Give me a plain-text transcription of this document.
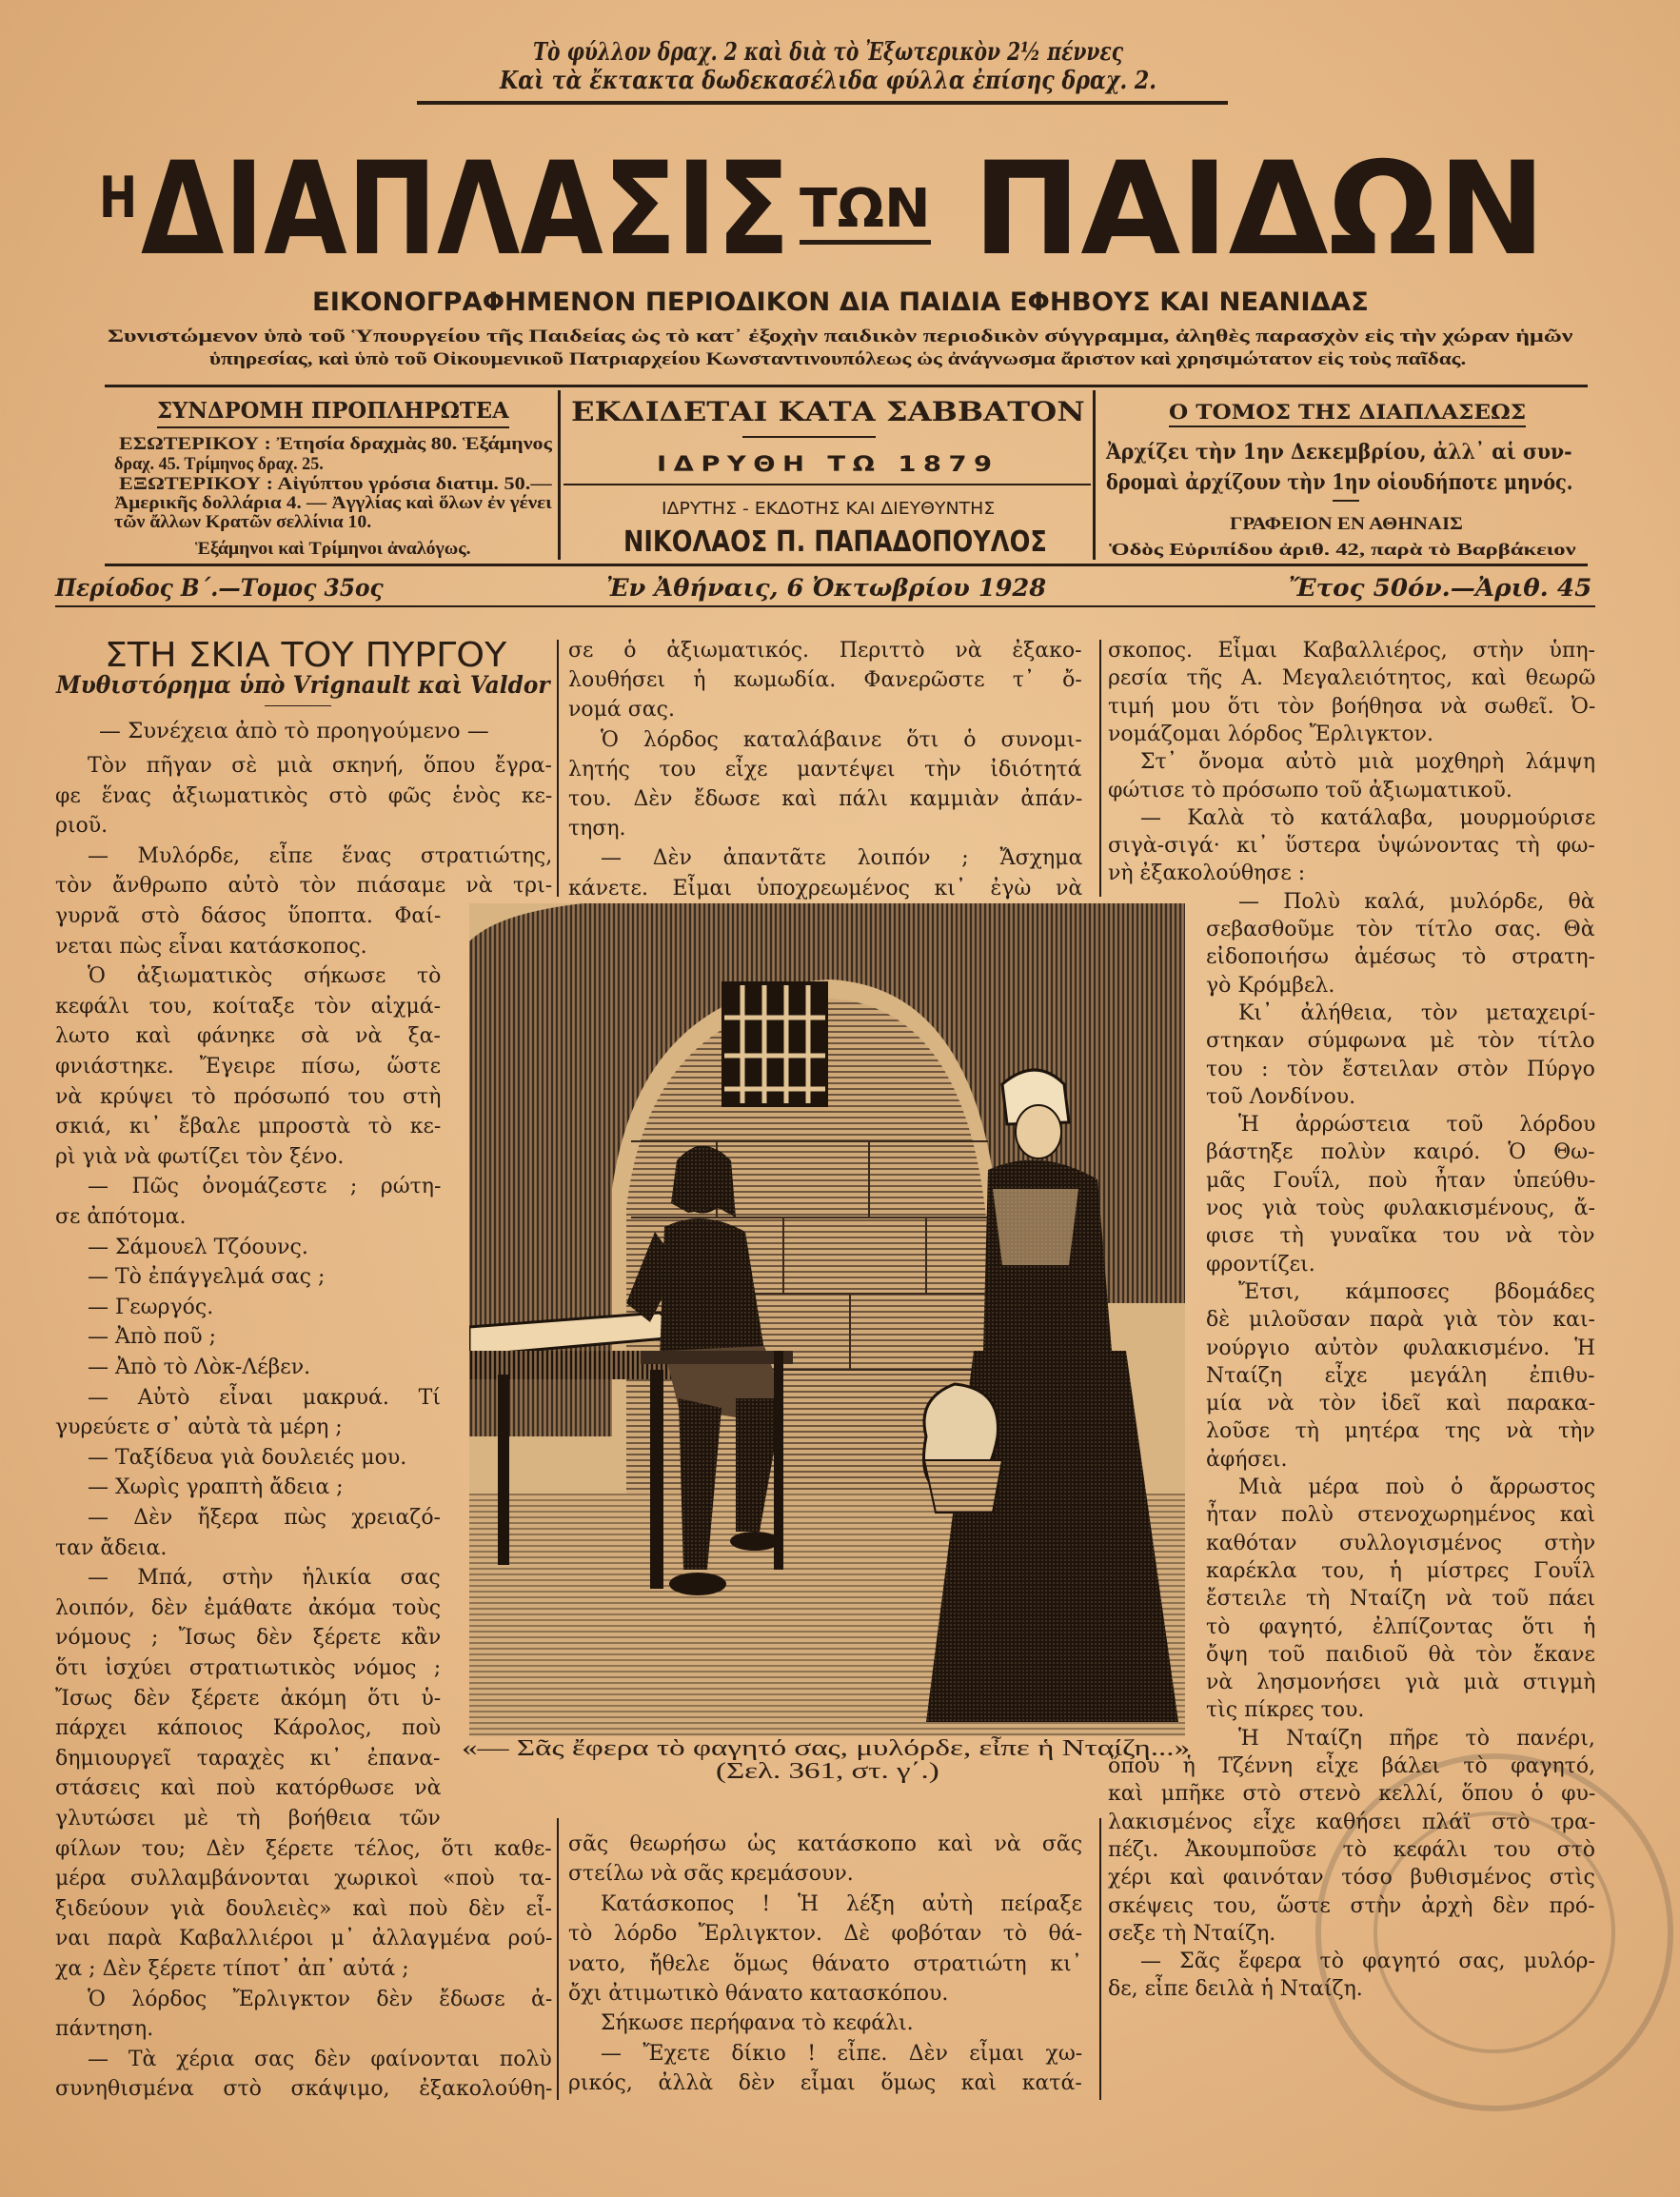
Τὸ φύλλον δραχ. 2 καὶ διὰ τὸ Ἐξωτερικὸν 2½ πέννες
Καὶ τὰ ἔκτακτα δωδεκασέλιδα φύλλα ἐπίσης δραχ. 2.
Η ΔΙΑΠΛΑΣΙΣ ΤΩΝ ΠΑΙΔΩΝ
ΕΙΚΟΝΟΓΡΑΦΗΜΕΝΟΝ ΠΕΡΙΟΔΙΚΟΝ ΔΙΑ ΠΑΙΔΙΑ ΕΦΗΒΟΥΣ ΚΑΙ ΝΕΑΝΙΔΑΣ
Συνιστώμενον ὑπὸ τοῦ Ὑπουργείου τῆς Παιδείας ὡς τὸ κατ᾿ ἐξοχὴν παιδικὸν περιοδικὸν σύγγραμμα, ἀληθὲς παρασχὸν εἰς τὴν χώραν ἡμῶν
ὑπηρεσίας, καὶ ὑπὸ τοῦ Οἰκουμενικοῦ Πατριαρχείου Κωνσταντινουπόλεως ὡς ἀνάγνωσμα ἄριστον καὶ χρησιμώτατον εἰς τοὺς παῖδας.
ΣΥΝΔΡΟΜΗ ΠΡΟΠΛΗΡΩΤΕΑ
ΕΣΩΤΕΡΙΚΟΥ : Ἐτησία δραχμὰς 80. Ἑξάμηνος
δραχ. 45. Τρίμηνος δραχ. 25.
ΕΞΩΤΕΡΙΚΟΥ : Αἰγύπτου γρόσια διατιμ. 50.—
Ἀμερικῆς δολλάρια 4. — Ἀγγλίας καὶ ὅλων ἐν γένει
τῶν ἄλλων Κρατῶν σελλίνια 10.
Ἑξάμηνοι καὶ Τρίμηνοι ἀναλόγως.
ΕΚΔΙΔΕΤΑΙ ΚΑΤΑ ΣΑΒΒΑΤΟΝ
ΙΔΡΥΘΗ ΤΩ 1879
ΙΔΡΥΤΗΣ - ΕΚΔΟΤΗΣ ΚΑΙ ΔΙΕΥΘΥΝΤΗΣ
ΝΙΚΟΛΑΟΣ Π. ΠΑΠΑΔΟΠΟΥΛΟΣ
Ο ΤΟΜΟΣ ΤΗΣ ΔΙΑΠΛΑΣΕΩΣ
Ἀρχίζει τὴν 1ην Δεκεμβρίου, ἀλλ᾿ αἱ συν-
δρομαὶ ἀρχίζουν τὴν 1ην οἱουδήποτε μηνός.
ΓΡΑΦΕΙΟΝ ΕΝ ΑΘΗΝΑΙΣ
Ὁδὸς Εὐριπίδου ἀριθ. 42, παρὰ τὸ Βαρβάκειον
Περίοδος Β΄.—Τομος 35ος	Ἐν Ἀθήναις, 6 Ὀκτωβρίου 1928	Ἔτος 50όν.—Ἀριθ. 45
ΣΤΗ ΣΚΙΑ ΤΟΥ ΠΥΡΓΟΥ
Μυθιστόρημα ὑπὸ Vrignault καὶ Valdor
— Συνέχεια ἀπὸ τὸ προηγούμενο —
Τὸν πῆγαν σὲ μιὰ σκηνή, ὅπου ἔγρα-
φε ἕνας ἀξιωματικὸς στὸ φῶς ἑνὸς κε-
ριοῦ.
— Μυλόρδε, εἶπε ἕνας στρατιώτης,
τὸν ἄνθρωπο αὐτὸ τὸν πιάσαμε νὰ τρι-
γυρνᾶ στὸ δάσος ὕποπτα. Φαί-
νεται πὼς εἶναι κατάσκοπος.
Ὁ ἀξιωματικὸς σήκωσε τὸ
κεφάλι του, κοίταξε τὸν αἰχμά-
λωτο καὶ φάνηκε σὰ νὰ ξα-
φνιάστηκε. Ἔγειρε πίσω, ὥστε
νὰ κρύψει τὸ πρόσωπό του στὴ
σκιά, κι᾿ ἔβαλε μπροστὰ τὸ κε-
ρὶ γιὰ νὰ φωτίζει τὸν ξένο.
— Πῶς ὀνομάζεστε ; ρώτη-
σε ἀπότομα.
— Σάμουελ Τζόουνς.
— Τὸ ἐπάγγελμά σας ;
— Γεωργός.
— Ἀπὸ ποῦ ;
— Ἀπὸ τὸ Λὸκ-Λέβεν.
— Αὐτὸ εἶναι μακρυά. Τί
γυρεύετε σ᾿ αὐτὰ τὰ μέρη ;
— Ταξίδευα γιὰ δουλειές μου.
— Χωρὶς γραπτὴ ἄδεια ;
— Δὲν ἤξερα πὼς χρειαζό-
ταν ἄδεια.
— Μπά, στὴν ἡλικία σας
λοιπόν, δὲν ἐμάθατε ἀκόμα τοὺς
νόμους ; Ἴσως δὲν ξέρετε κἂν
ὅτι ἰσχύει στρατιωτικὸς νόμος ;
Ἴσως δὲν ξέρετε ἀκόμη ὅτι ὑ-
πάρχει κάποιος Κάρολος, ποὺ
δημιουργεῖ ταραχὲς κι᾿ ἐπανα-
στάσεις καὶ ποὺ κατόρθωσε νὰ
γλυτώσει μὲ τὴ βοήθεια τῶν
φίλων του; Δὲν ξέρετε τέλος, ὅτι καθε-
μέρα συλλαμβάνονται χωρικοὶ «ποὺ τα-
ξιδεύουν γιὰ δουλειὲς» καὶ ποὺ δὲν εἶ-
ναι παρὰ Καβαλλιέροι μ᾿ ἀλλαγμένα ρού-
χα ; Δὲν ξέρετε τίποτ᾿ ἀπ᾿ αὐτά ;
Ὁ λόρδος Ἔρλιγκτον δὲν ἔδωσε ἀ-
πάντηση.
— Τὰ χέρια σας δὲν φαίνονται πολὺ
συνηθισμένα στὸ σκάψιμο, ἐξακολούθη-
σε ὁ ἀξιωματικός. Περιττὸ νὰ ἐξακο-
λουθήσει ἡ κωμωδία. Φανερῶστε τ᾿ ὄ-
νομά σας.
Ὁ λόρδος καταλάβαινε ὅτι ὁ συνομι-
λητής του εἶχε μαντέψει τὴν ἰδιότητά
του. Δὲν ἔδωσε καὶ πάλι καμμιὰν ἀπάν-
τηση.
— Δὲν ἀπαντᾶτε λοιπόν ; Ἄσχημα
κάνετε. Εἶμαι ὑποχρεωμένος κι᾿ ἐγὼ νὰ
σᾶς θεωρήσω ὡς κατάσκοπο καὶ νὰ σᾶς
στείλω νὰ σᾶς κρεμάσουν.
Κατάσκοπος ! Ἡ λέξη αὐτὴ πείραξε
τὸ λόρδο Ἔρλιγκτον. Δὲ φοβόταν τὸ θά-
νατο, ἤθελε ὅμως θάνατο στρατιώτη κι᾿
ὄχι ἀτιμωτικὸ θάνατο κατασκόπου.
Σήκωσε περήφανα τὸ κεφάλι.
— Ἔχετε δίκιο ! εἶπε. Δὲν εἶμαι χω-
ρικός, ἀλλὰ δὲν εἶμαι ὅμως καὶ κατά-
σκοπος. Εἶμαι Καβαλλιέρος, στὴν ὑπη-
ρεσία τῆς Α. Μεγαλειότητος, καὶ θεωρῶ
τιμή μου ὅτι τὸν βοήθησα νὰ σωθεῖ. Ὀ-
νομάζομαι λόρδος Ἔρλιγκτον.
Στ᾿ ὄνομα αὐτὸ μιὰ μοχθηρὴ λάμψη
φώτισε τὸ πρόσωπο τοῦ ἀξιωματικοῦ.
— Καλὰ τὸ κατάλαβα, μουρμούρισε
σιγὰ-σιγά· κι᾿ ὕστερα ὑψώνοντας τὴ φω-
νὴ ἐξακολούθησε :
— Πολὺ καλά, μυλόρδε, θὰ
σεβασθοῦμε τὸν τίτλο σας. Θὰ
εἰδοποιήσω ἀμέσως τὸ στρατη-
γὸ Κρόμβελ.
Κι᾿ ἀλήθεια, τὸν μεταχειρί-
στηκαν σύμφωνα μὲ τὸν τίτλο
του : τὸν ἔστειλαν στὸν Πύργο
τοῦ Λονδίνου.
Ἡ ἀρρώστεια τοῦ λόρδου
βάστηξε πολὺν καιρό. Ὁ Θω-
μᾶς Γουΐλ, ποὺ ἦταν ὑπεύθυ-
νος γιὰ τοὺς φυλακισμένους, ἄ-
φισε τὴ γυναῖκα του νὰ τὸν
φροντίζει.
Ἔτσι, κάμποσες βδομάδες
δὲ μιλοῦσαν παρὰ γιὰ τὸν και-
νούργιο αὐτὸν φυλακισμένο. Ἡ
Νταίζη εἶχε μεγάλη ἐπιθυ-
μία νὰ τὸν ἰδεῖ καὶ παρακα-
λοῦσε τὴ μητέρα της νὰ τὴν
ἀφήσει.
Μιὰ μέρα ποὺ ὁ ἄρρωστος
ἦταν πολὺ στενοχωρημένος καὶ
καθόταν συλλογισμένος στὴν
καρέκλα του, ἡ μίστρες Γουΐλ
ἔστειλε τὴ Νταίζη νὰ τοῦ πάει
τὸ φαγητό, ἐλπίζοντας ὅτι ἡ
ὄψη τοῦ παιδιοῦ θὰ τὸν ἔκανε
νὰ λησμονήσει γιὰ μιὰ στιγμὴ
τὶς πίκρες του.
Ἡ Νταίζη πῆρε τὸ πανέρι,
ὅπου ἡ Τζέννη εἶχε βάλει τὸ φαγητό,
καὶ μπῆκε στὸ στενὸ κελλί, ὅπου ὁ φυ-
λακισμένος εἶχε καθήσει πλάϊ στὸ τρα-
πέζι. Ἀκουμποῦσε τὸ κεφάλι του στὸ
χέρι καὶ φαινόταν τόσο βυθισμένος στὶς
σκέψεις του, ὥστε στὴν ἀρχὴ δὲν πρό-
σεξε τὴ Νταίζη.
— Σᾶς ἔφερα τὸ φαγητό σας, μυλόρ-
δε, εἶπε δειλὰ ἡ Νταίζη.
«— Σᾶς ἔφερα τὸ φαγητό σας, μυλόρδε, εἶπε ἡ Νταίζη...»
(Σελ. 361, στ. γ΄.)
